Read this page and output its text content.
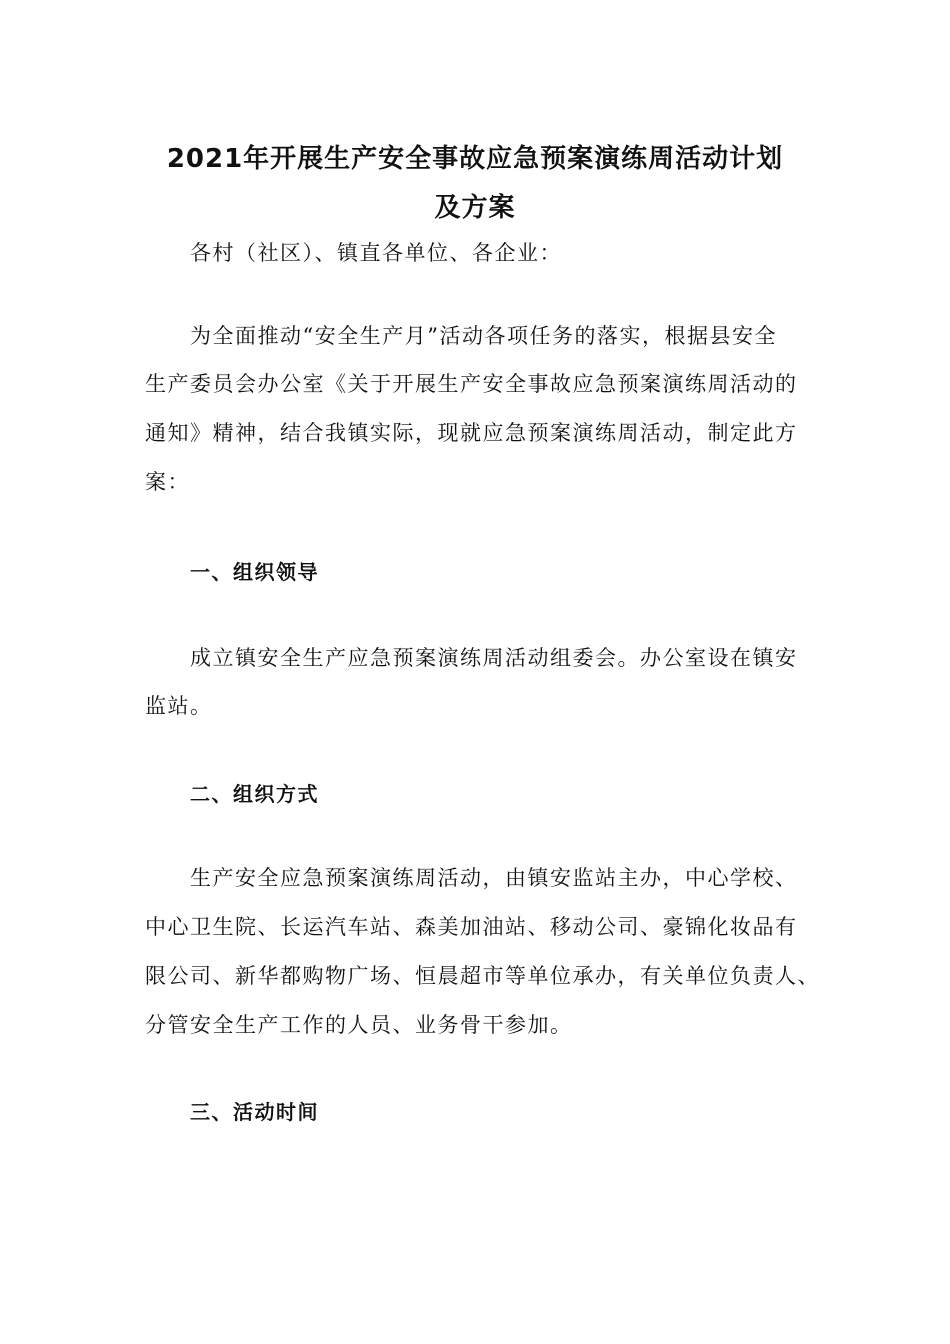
2021年开展生产安全事故应急预案演练周活动计划
及方案
各村（社区）、镇直各单位、各企业：
为全面推动“安全生产月”活动各项任务的落实，根据县安全
生产委员会办公室《关于开展生产安全事故应急预案演练周活动的
通知》精神，结合我镇实际，现就应急预案演练周活动，制定此方
案：
一、组织领导
成立镇安全生产应急预案演练周活动组委会。办公室设在镇安
监站。
二、组织方式
生产安全应急预案演练周活动，由镇安监站主办，中心学校、
中心卫生院、长运汽车站、森美加油站、移动公司、豪锦化妆品有
限公司、新华都购物广场、恒晨超市等单位承办，有关单位负责人、
分管安全生产工作的人员、业务骨干参加。
三、活动时间
